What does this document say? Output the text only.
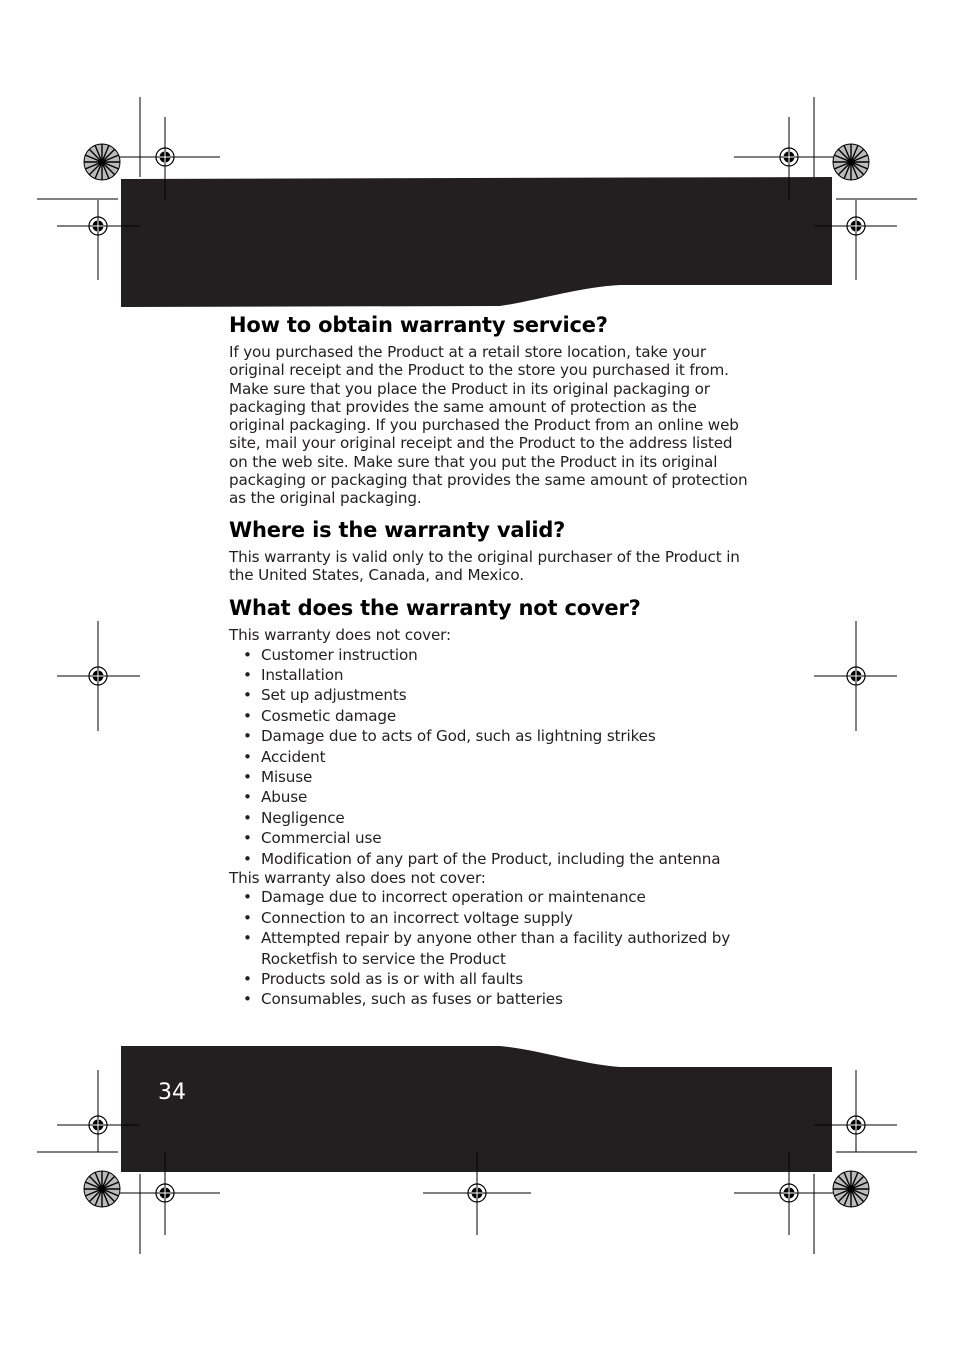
How to obtain warranty service?

If you purchased the Product at a retail store location, take your original receipt and the Product to the store you purchased it from. Make sure that you place the Product in its original packaging or packaging that provides the same amount of protection as the original packaging. If you purchased the Product from an online web site, mail your original receipt and the Product to the address listed on the web site. Make sure that you put the Product in its original packaging or packaging that provides the same amount of protection as the original packaging.

Where is the warranty valid?

This warranty is valid only to the original purchaser of the Product in the United States, Canada, and Mexico.

What does the warranty not cover?

This warranty does not cover:

• Customer instruction
• Installation
• Set up adjustments
• Cosmetic damage
• Damage due to acts of God, such as lightning strikes
• Accident
• Misuse
• Abuse
• Negligence
• Commercial use
• Modification of any part of the Product, including the antenna

This warranty also does not cover:

• Damage due to incorrect operation or maintenance
• Connection to an incorrect voltage supply
• Attempted repair by anyone other than a facility authorized by Rocketfish to service the Product
• Products sold as is or with all faults
• Consumables, such as fuses or batteries
34
